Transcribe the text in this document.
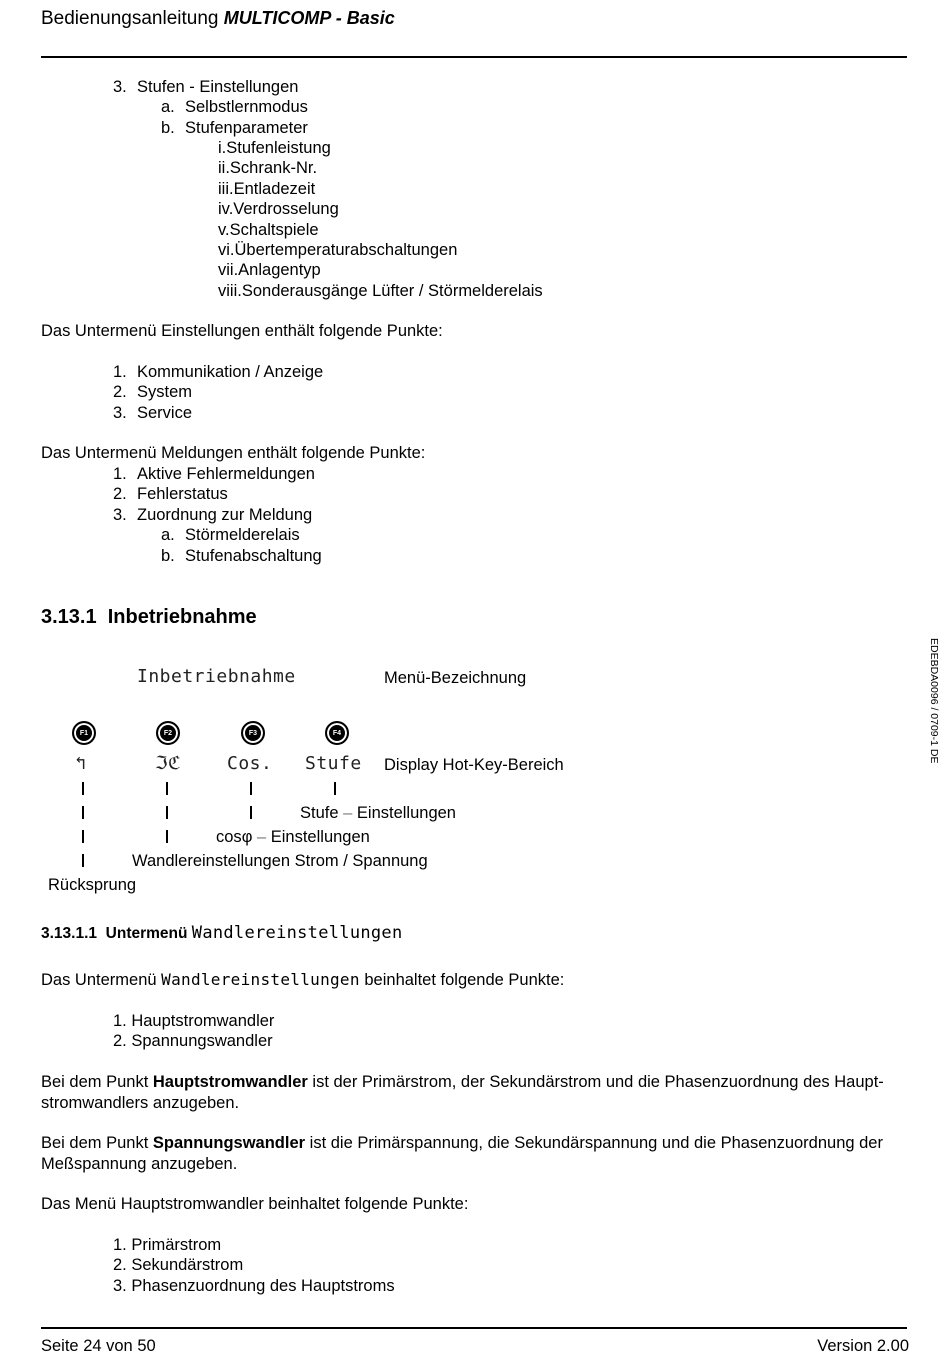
Bedienungsanleitung MULTICOMP - Basic
3. Stufen - Einstellungen
a. Selbstlernmodus
b. Stufenparameter
i.Stufenleistung
ii.Schrank-Nr.
iii.Entladezeit
iv.Verdrosselung
v.Schaltspiele
vi.Übertemperaturabschaltungen
vii.Anlagentyp
viii.Sonderausgänge Lüfter / Störmelderelais
Das Untermenü Einstellungen enthält folgende Punkte:
1. Kommunikation / Anzeige
2. System
3. Service
Das Untermenü Meldungen enthält folgende Punkte:
1. Aktive Fehlermeldungen
2. Fehlerstatus
3. Zuordnung zur Meldung
a. Störmelderelais
b. Stufenabschaltung
3.13.1 Inbetriebnahme
Inbetriebnahme	Menü-Bezeichnung
F1	F2	F3	F4
↰	ℑℭ	Cos. Stufe Display Hot-Key-Bereich
Stufe – Einstellungen
cosφ – Einstellungen
Wandlereinstellungen Strom / Spannung
Rücksprung
3.13.1.1 Untermenü Wandlereinstellungen
Das Untermenü Wandlereinstellungen beinhaltet folgende Punkte:
1. Hauptstromwandler
2. Spannungswandler
Bei dem Punkt Hauptstromwandler ist der Primärstrom, der Sekundärstrom und die Phasenzuordnung des Haupt-
stromwandlers anzugeben.
Bei dem Punkt Spannungswandler ist die Primärspannung, die Sekundärspannung und die Phasenzuordnung der
Meßspannung anzugeben.
Das Menü Hauptstromwandler beinhaltet folgende Punkte:
1. Primärstrom
2. Sekundärstrom
3. Phasenzuordnung des Hauptstroms
Seite 24 von 50	Version 2.00
EDEBDA0096 / 0709-1 DE
